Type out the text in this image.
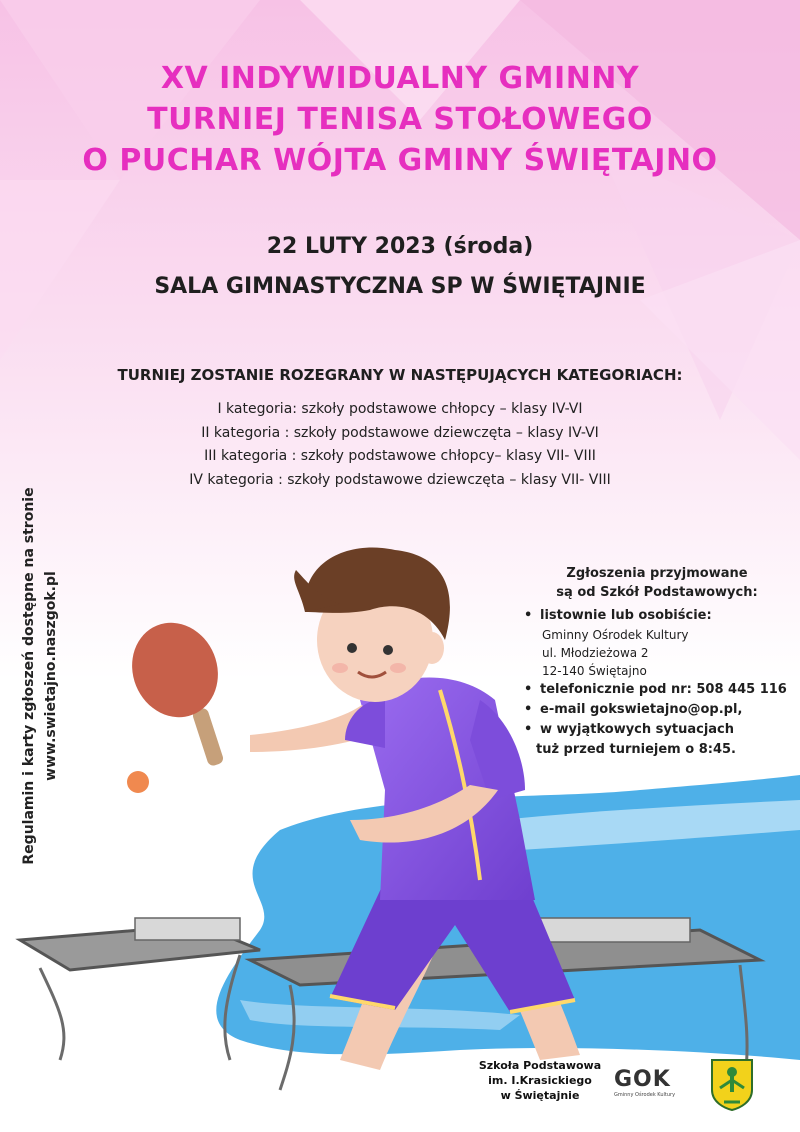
XV INDYWIDUALNY GMINNY
TURNIEJ TENISA STOŁOWEGO
O PUCHAR WÓJTA GMINY ŚWIĘTAJNO
22 LUTY 2023 (środa)
SALA GIMNASTYCZNA SP W ŚWIĘTAJNIE
TURNIEJ ZOSTANIE ROZEGRANY W NASTĘPUJĄCYCH KATEGORIACH:
I kategoria: szkoły podstawowe chłopcy – klasy IV-VI
II kategoria : szkoły podstawowe dziewczęta – klasy IV-VI
III kategoria : szkoły podstawowe chłopcy– klasy VII- VIII
IV kategoria : szkoły podstawowe dziewczęta – klasy VII- VIII
Regulamin i karty zgłoszeń dostępne na stronie www.swietajno.naszgok.pl	Zgłoszenia przyjmowane
są od Szkół Podstawowych:
• listownie lub osobiście:
Gminny Ośrodek Kultury
ul. Młodzieżowa 2
12-140 Świętajno
• telefonicznie pod nr: 508 445 116
• e-mail gokswietajno@op.pl,
• w wyjątkowych sytuacjach
tuż przed turniejem o 8:45.
Szkoła Podstawowa
im. I.Krasickiego
w Świętajnie
GOK
Gminny Ośrodek Kultury
